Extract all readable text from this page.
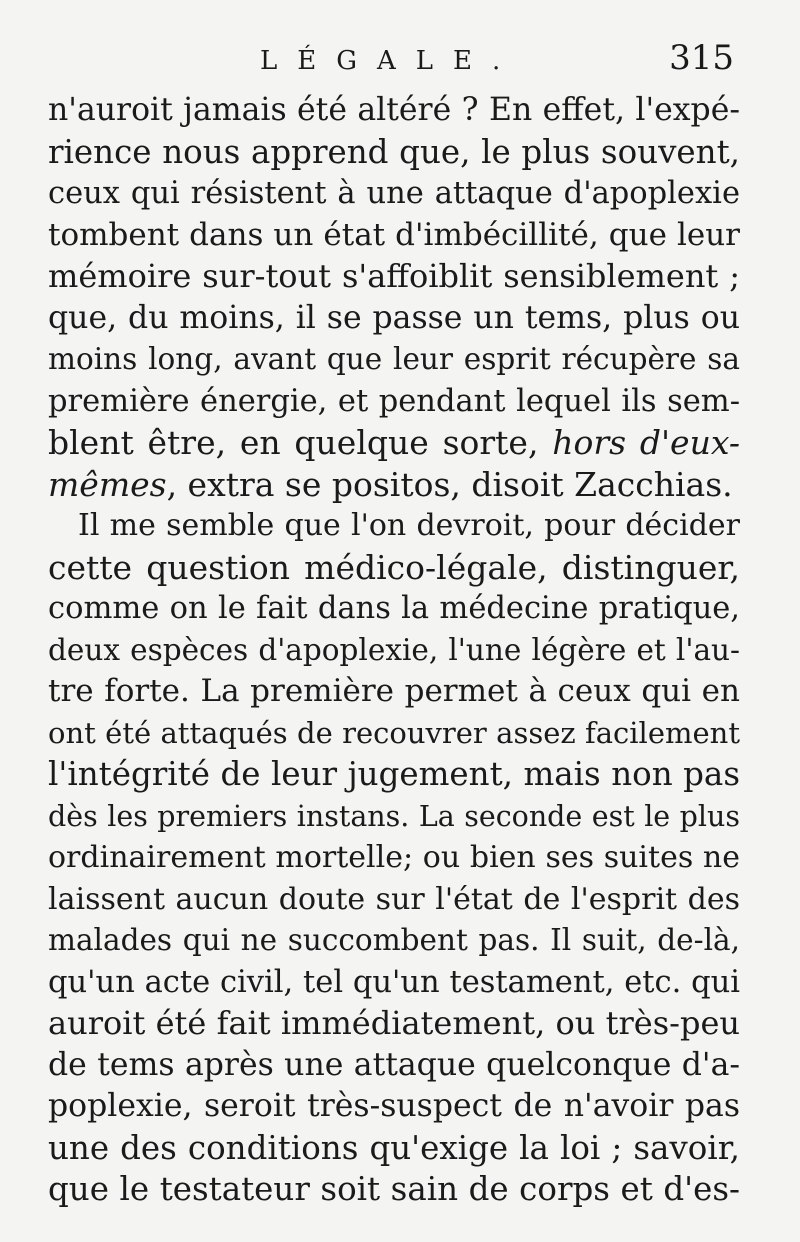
LÉGALE.	315
n'auroit jamais été altéré ? En effet, l'expé-
rience nous apprend que, le plus souvent,
ceux qui résistent à une attaque d'apoplexie
tombent dans un état d'imbécillité, que leur
mémoire sur-tout s'affoiblit sensiblement ;
que, du moins, il se passe un tems, plus ou
moins long, avant que leur esprit récupère sa
première énergie, et pendant lequel ils sem-
blent être, en quelque sorte, hors d'eux-
mêmes, extra se positos, disoit Zacchias.
Il me semble que l'on devroit, pour décider
cette question médico-légale, distinguer,
comme on le fait dans la médecine pratique,
deux espèces d'apoplexie, l'une légère et l'au-
tre forte. La première permet à ceux qui en
ont été attaqués de recouvrer assez facilement
l'intégrité de leur jugement, mais non pas
dès les premiers instans. La seconde est le plus
ordinairement mortelle; ou bien ses suites ne
laissent aucun doute sur l'état de l'esprit des
malades qui ne succombent pas. Il suit, de-là,
qu'un acte civil, tel qu'un testament, etc. qui
auroit été fait immédiatement, ou très-peu
de tems après une attaque quelconque d'a-
poplexie, seroit très-suspect de n'avoir pas
une des conditions qu'exige la loi ; savoir,
que le testateur soit sain de corps et d'es-
